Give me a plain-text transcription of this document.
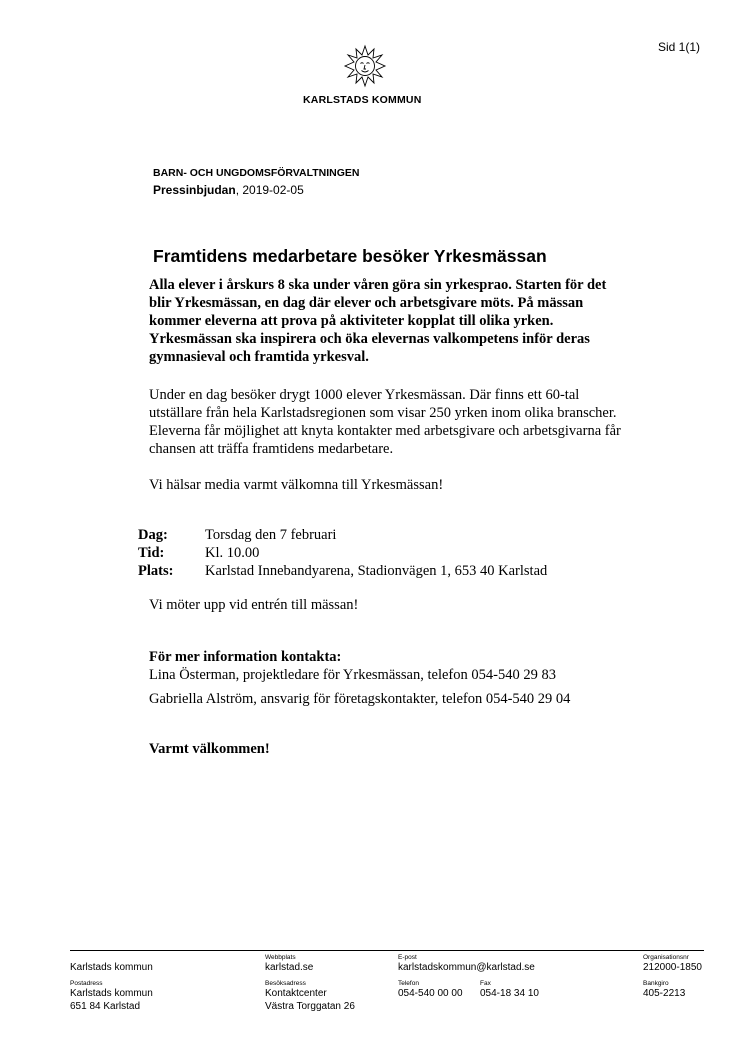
Sid 1(1)
KARLSTADS KOMMUN
BARN- OCH UNGDOMSFÖRVALTNINGEN
Pressinbjudan, 2019-02-05
Framtidens medarbetare besöker Yrkesmässan

Alla elever i årskurs 8 ska under våren göra sin yrkesprao. Starten för det blir Yrkesmässan, en dag där elever och arbetsgivare möts. På mässan kommer eleverna att prova på aktiviteter kopplat till olika yrken. Yrkesmässan ska inspirera och öka elevernas valkompetens inför deras gymnasieval och framtida yrkesval.

Under en dag besöker drygt 1000 elever Yrkesmässan. Där finns ett 60-tal utställare från hela Karlstadsregionen som visar 250 yrken inom olika branscher. Eleverna får möjlighet att knyta kontakter med arbetsgivare och arbetsgivarna får chansen att träffa framtidens medarbetare.

Vi hälsar media varmt välkomna till Yrkesmässan!

Dag:	Torsdag den 7 februari
Tid:	Kl. 10.00
Plats: Karlstad Innebandyarena, Stadionvägen 1, 653 40 Karlstad

Vi möter upp vid entrén till mässan!

För mer information kontakta:

Lina Österman, projektledare för Yrkesmässan, telefon 054-540 29 83

Gabriella Alström, ansvarig för företagskontakter, telefon 054-540 29 04

Varmt välkommen!

Karlstads kommun
Webbplats
karlstad.se
E-post
karlstadskommun@karlstad.se
Organisationsnr
212000-1850
Postadress
Karlstads kommun
651 84 Karlstad
Besöksadress
Kontaktcenter
Västra Torggatan 26
Telefon
054-540 00 00
Fax
054-18 34 10
Bankgiro
405-2213
